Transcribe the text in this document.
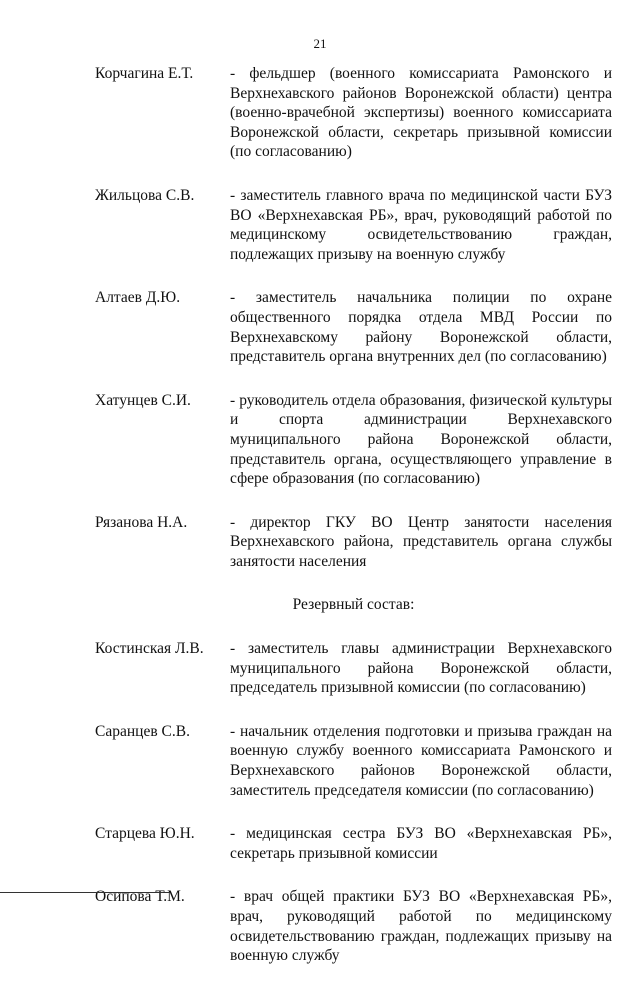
21
Корчагина Е.Т.	- фельдшер (военного комиссариата Рамонского и Верхнехавского районов Воронежской области) центра (военно-врачебной экспертизы) военного комиссариата Воронежской области, секретарь призывной комиссии (по согласованию)
Жильцова С.В.	- заместитель главного врача по медицинской части БУЗ ВО «Верхнехавская РБ», врач, руководящий работой по медицинскому освидетельствованию граждан, подлежащих призыву на военную службу
Алтаев Д.Ю.	- заместитель начальника полиции по охране общественного порядка отдела МВД России по Верхнехавскому району Воронежской области, представитель органа внутренних дел (по согласованию)
Хатунцев С.И.	- руководитель отдела образования, физической культуры и спорта администрации Верхнехавского муниципального района Воронежской области, представитель органа, осуществляющего управление в сфере образования (по согласованию)
Рязанова Н.А.	- директор ГКУ ВО Центр занятости населения Верхнехавского района, представитель органа службы занятости населения
Резервный состав:
Костинская Л.В.	- заместитель главы администрации Верхнехавского муниципального района Воронежской области, председатель призывной комиссии (по согласованию)
Саранцев С.В.	- начальник отделения подготовки и призыва граждан на военную службу военного комиссариата Рамонского и Верхнехавского районов Воронежской области, заместитель председателя комиссии (по согласованию)
Старцева Ю.Н.	- медицинская сестра БУЗ ВО «Верхнехавская РБ», секретарь призывной комиссии
Осипова Т.М.	- врач общей практики БУЗ ВО «Верхнехавская РБ», врач, руководящий работой по медицинскому освидетельствованию граждан, подлежащих призыву на военную службу
